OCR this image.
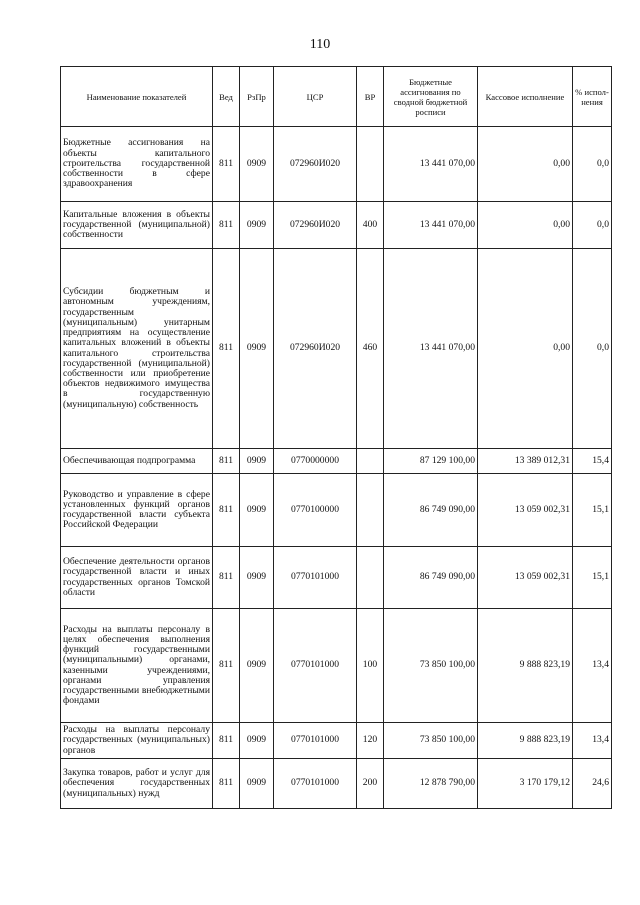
110
Наименование показателей	Вед	РзПр	ЦСР	ВР	Бюджетные ассигнования по сводной бюджетной росписи	Кассовое исполнение	% испол-нения
Бюджетные ассигнования на объекты капитального строительства государственной собственности в сфере здравоохранения	811	0909	072960И020		13 441 070,00	0,00	0,0
Капитальные вложения в объекты государственной (муниципальной) собственности	811	0909	072960И020	400	13 441 070,00	0,00	0,0
Субсидии бюджетным и автономным учреждениям, государственным (муниципальным) унитарным предприятиям на осуществление капитальных вложений в объекты капитального строительства государственной (муниципальной) собственности или приобретение объектов недвижимого имущества в государственную (муниципальную) собственность	811	0909	072960И020	460	13 441 070,00	0,00	0,0
Обеспечивающая подпрограмма	811	0909	0770000000		87 129 100,00	13 389 012,31	15,4
Руководство и управление в сфере установленных функций органов государственной власти субъекта Российской Федерации	811	0909	0770100000		86 749 090,00	13 059 002,31	15,1
Обеспечение деятельности органов государственной власти и иных государственных органов Томской области	811	0909	0770101000		86 749 090,00	13 059 002,31	15,1
Расходы на выплаты персоналу в целях обеспечения выполнения функций государственными (муниципальными) органами, казенными учреждениями, органами управления государственными внебюджетными фондами	811	0909	0770101000	100	73 850 100,00	9 888 823,19	13,4
Расходы на выплаты персоналу государственных (муниципальных) органов	811	0909	0770101000	120	73 850 100,00	9 888 823,19	13,4
Закупка товаров, работ и услуг для обеспечения государственных (муниципальных) нужд	811	0909	0770101000	200	12 878 790,00	3 170 179,12	24,6
